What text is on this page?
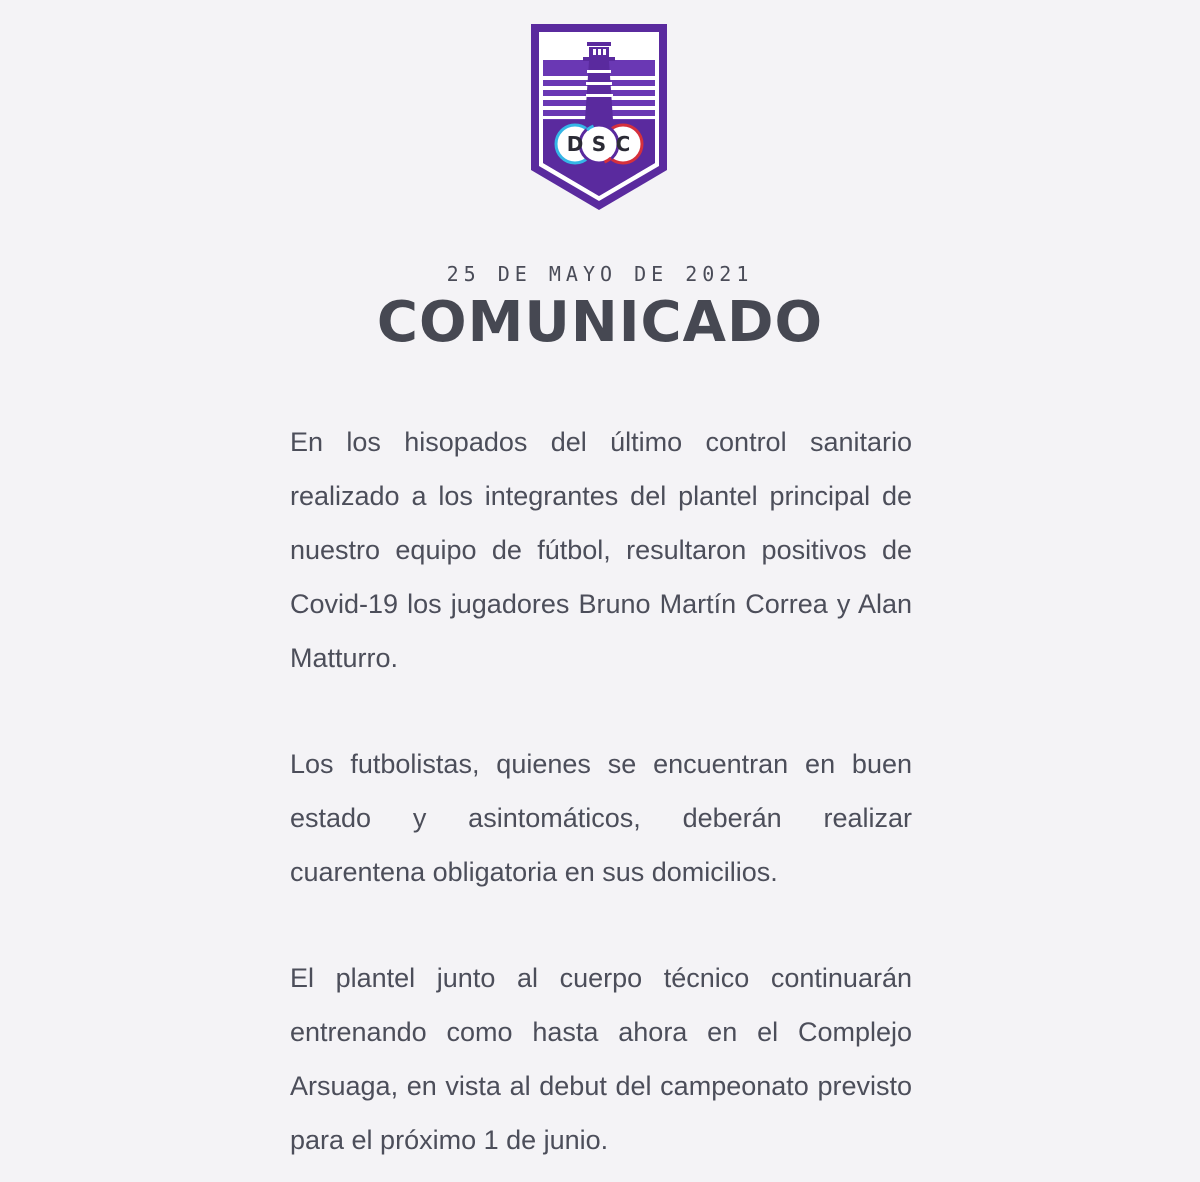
D S C
25 DE MAYO DE 2021
COMUNICADO

En los hisopados del último control sanitario realizado a los integrantes del plantel principal de nuestro equipo de fútbol, resultaron positivos de Covid-19 los jugadores Bruno Martín Correa y Alan Matturro.

Los futbolistas, quienes se encuentran en buen estado y asintomáticos, deberán realizar cuarentena obligatoria en sus domicilios.

El plantel junto al cuerpo técnico continuarán entrenando como hasta ahora en el Complejo Arsuaga, en vista al debut del campeonato previsto para el próximo 1 de junio.
